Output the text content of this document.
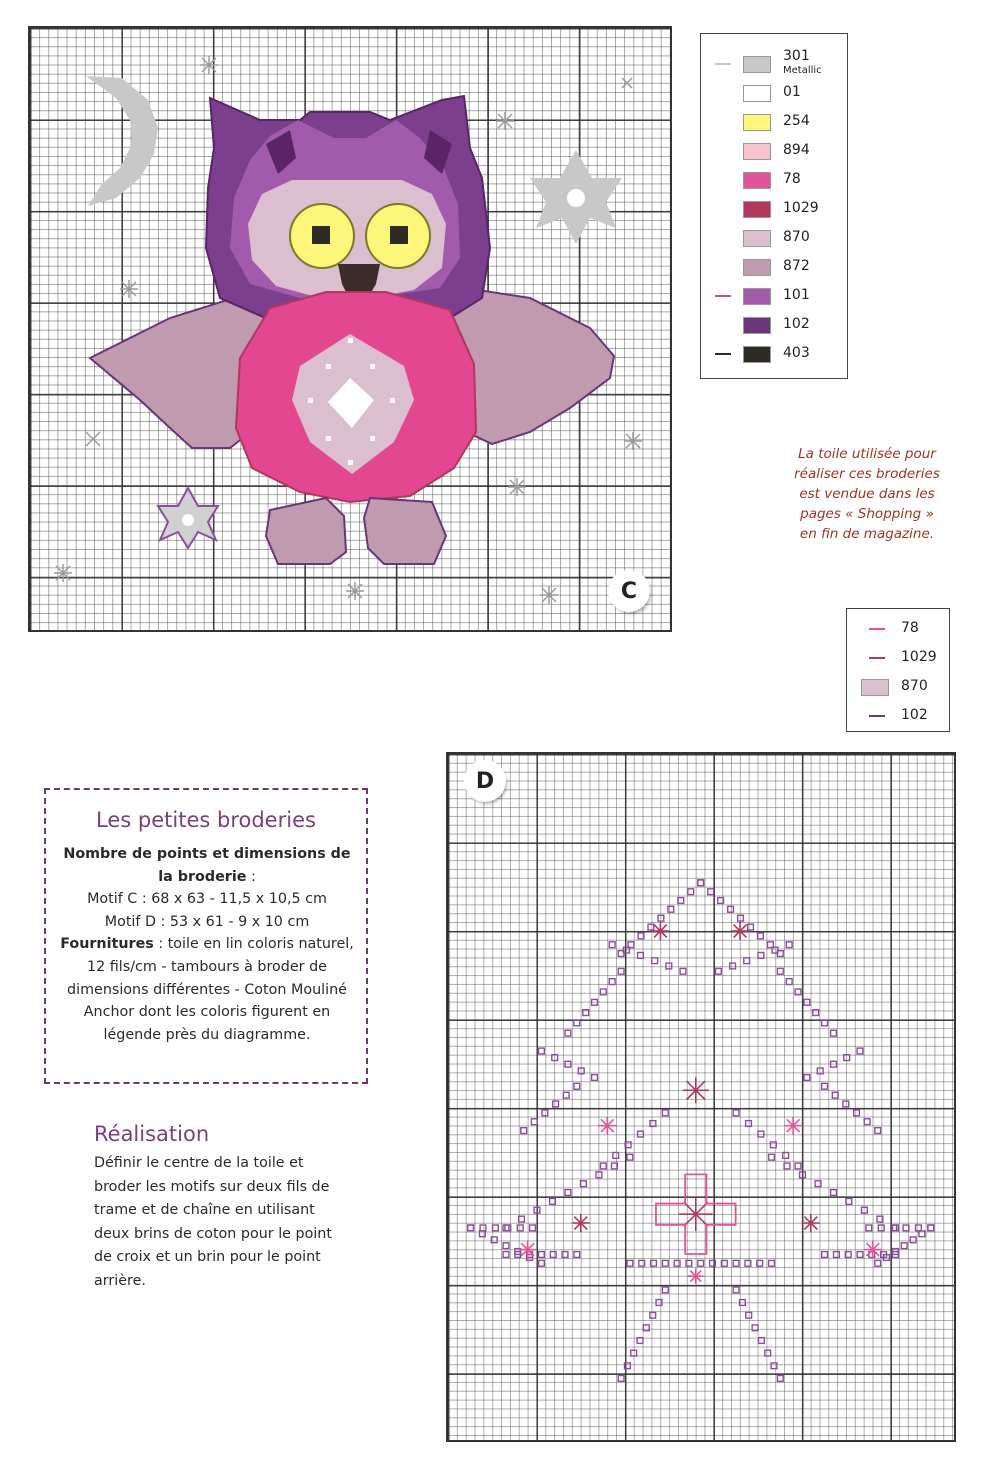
C
301
Metallic
01
254
894
78
1029
870
872
101
102
403
La toile utilisée pour
réaliser ces broderies
est vendue dans les
pages « Shopping »
en fin de magazine.
78
1029
870
102
D
Les petites broderies
Nombre de points et dimensions de la broderie :
Motif C : 68 x 63 - 11,5 x 10,5 cm
Motif D : 53 x 61 - 9 x 10 cm
Fournitures : toile en lin coloris naturel, 12 fils/cm - tambours à broder de dimensions différentes - Coton Mouliné Anchor dont les coloris figurent en légende près du diagramme.
Réalisation
Définir le centre de la toile et broder les motifs sur deux fils de trame et de chaîne en utilisant deux brins de coton pour le point de croix et un brin pour le point arrière.
